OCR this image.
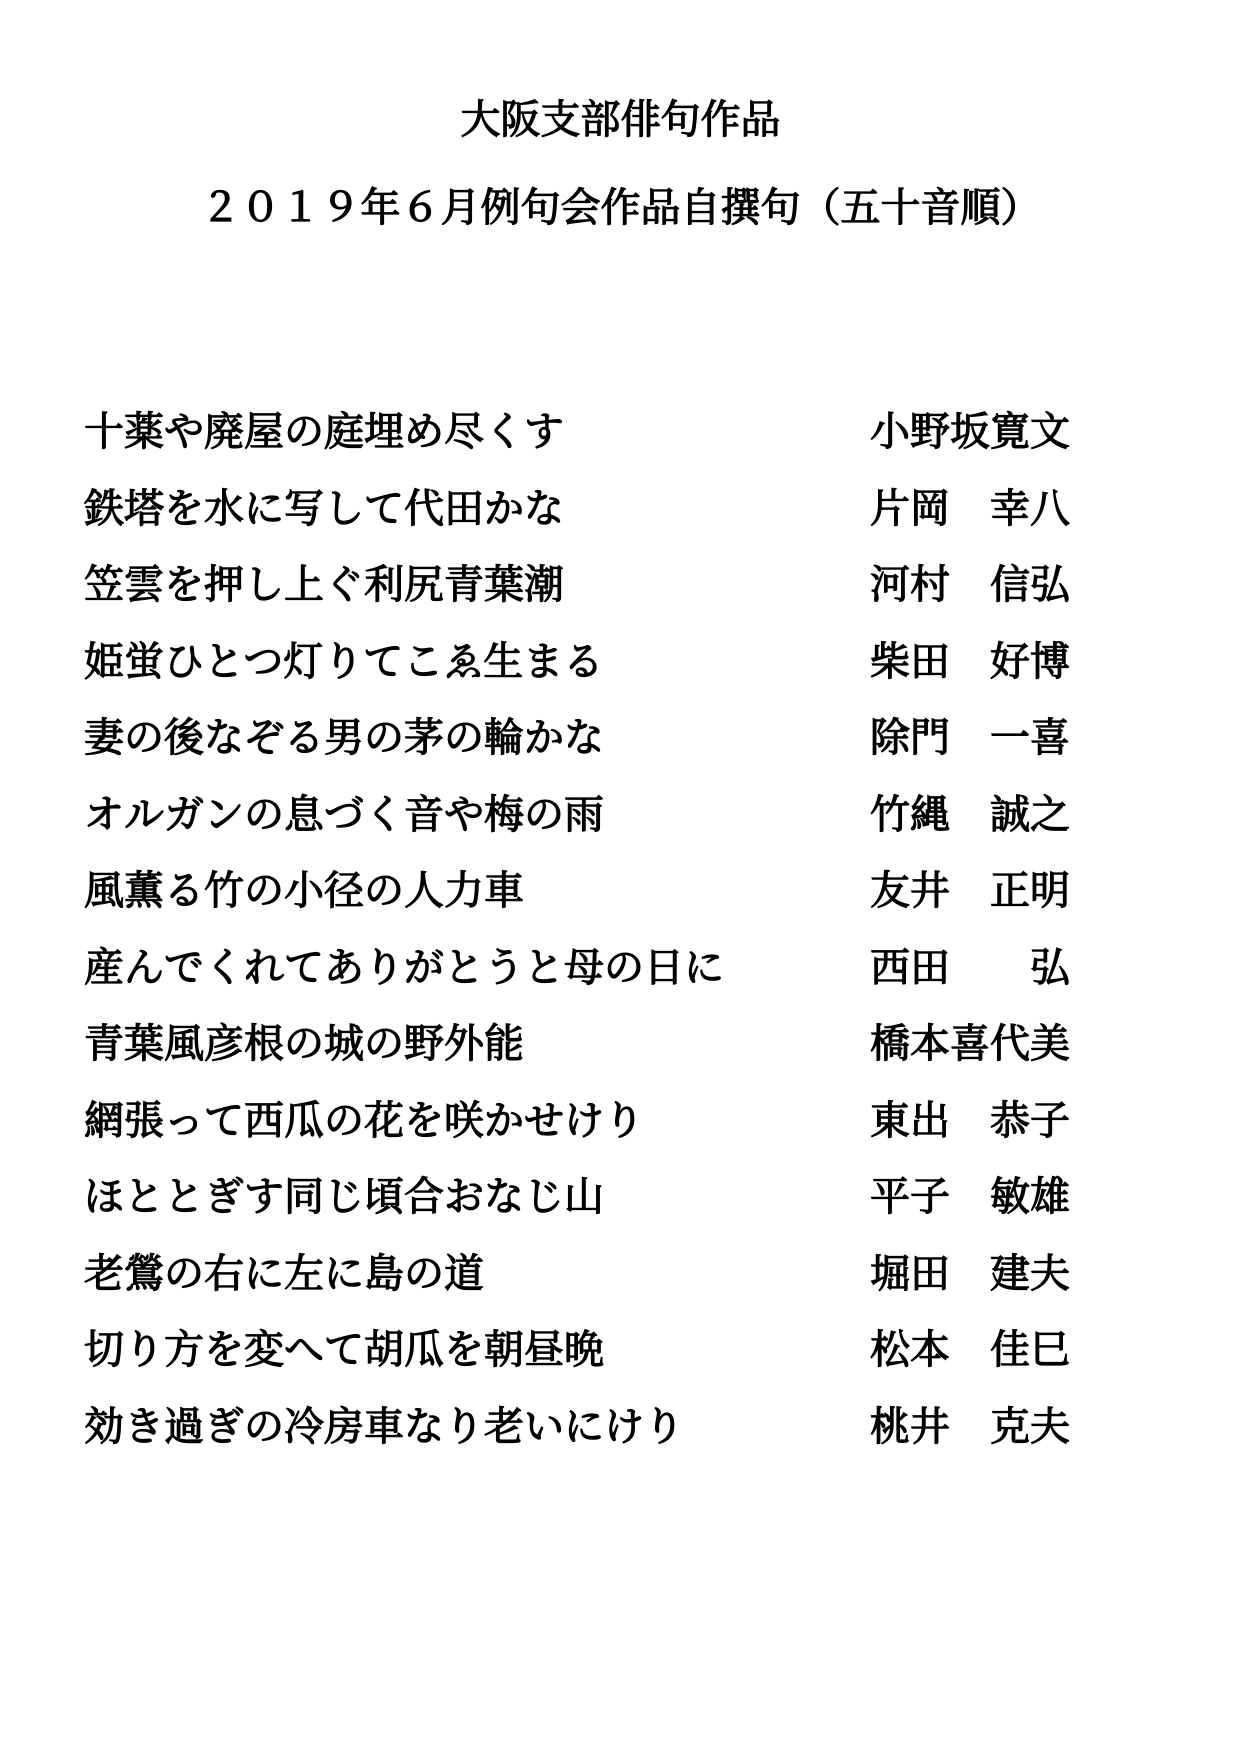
大阪支部俳句作品
２０１９年６月例句会作品自撰句（五十音順）
十薬や廃屋の庭埋め尽くす	小野坂寛文
鉄塔を水に写して代田かな	片岡　幸八
笠雲を押し上ぐ利尻青葉潮	河村　信弘
姫蛍ひとつ灯りてこゑ生まる	柴田　好博
妻の後なぞる男の茅の輪かな	除門　一喜
オルガンの息づく音や梅の雨	竹縄　誠之
風薫る竹の小径の人力車	友井　正明
産んでくれてありがとうと母の日に	西田　　弘
青葉風彦根の城の野外能	橋本喜代美
網張って西瓜の花を咲かせけり	東出　恭子
ほととぎす同じ頃合おなじ山	平子　敏雄
老鶯の右に左に島の道	堀田　建夫
切り方を変へて胡瓜を朝昼晩	松本　佳巳
効き過ぎの冷房車なり老いにけり	桃井　克夫
